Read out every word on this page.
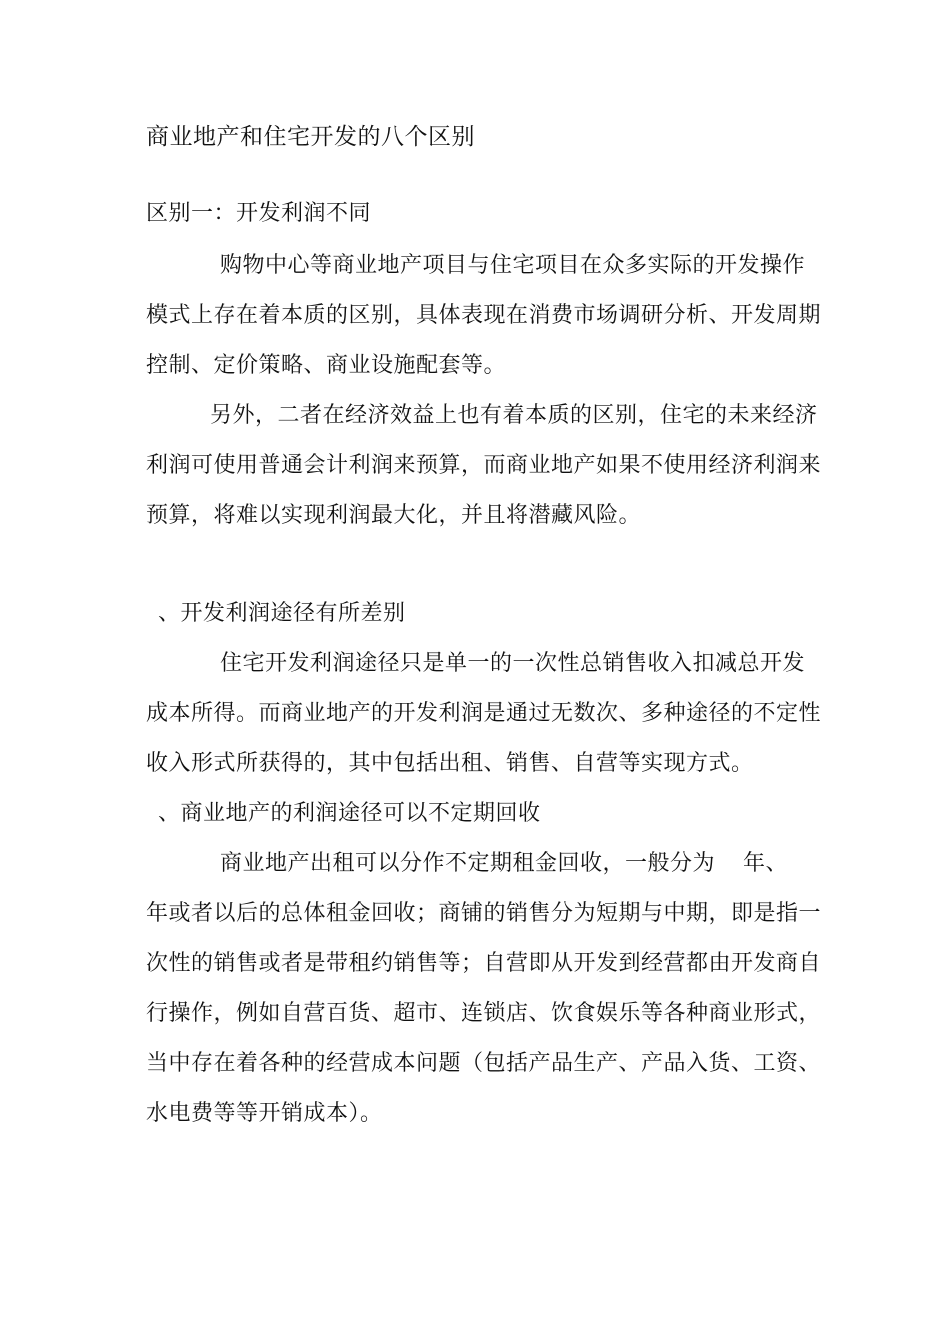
商业地产和住宅开发的八个区别
区别一：开发利润不同
购物中心等商业地产项目与住宅项目在众多实际的开发操作
模式上存在着本质的区别，具体表现在消费市场调研分析、开发周期
控制、定价策略、商业设施配套等。
另外，二者在经济效益上也有着本质的区别，住宅的未来经济
利润可使用普通会计利润来预算，而商业地产如果不使用经济利润来
预算，将难以实现利润最大化，并且将潜藏风险。
、开发利润途径有所差别
住宅开发利润途径只是单一的一次性总销售收入扣减总开发
成本所得。而商业地产的开发利润是通过无数次、多种途径的不定性
收入形式所获得的，其中包括出租、销售、自营等实现方式。
、商业地产的利润途径可以不定期回收
商业地产出租可以分作不定期租金回收，一般分为 年、
年或者以后的总体租金回收；商铺的销售分为短期与中期，即是指一
次性的销售或者是带租约销售等；自营即从开发到经营都由开发商自
行操作，例如自营百货、超市、连锁店、饮食娱乐等各种商业形式，
当中存在着各种的经营成本问题（包括产品生产、产品入货、工资、
水电费等等开销成本）。
